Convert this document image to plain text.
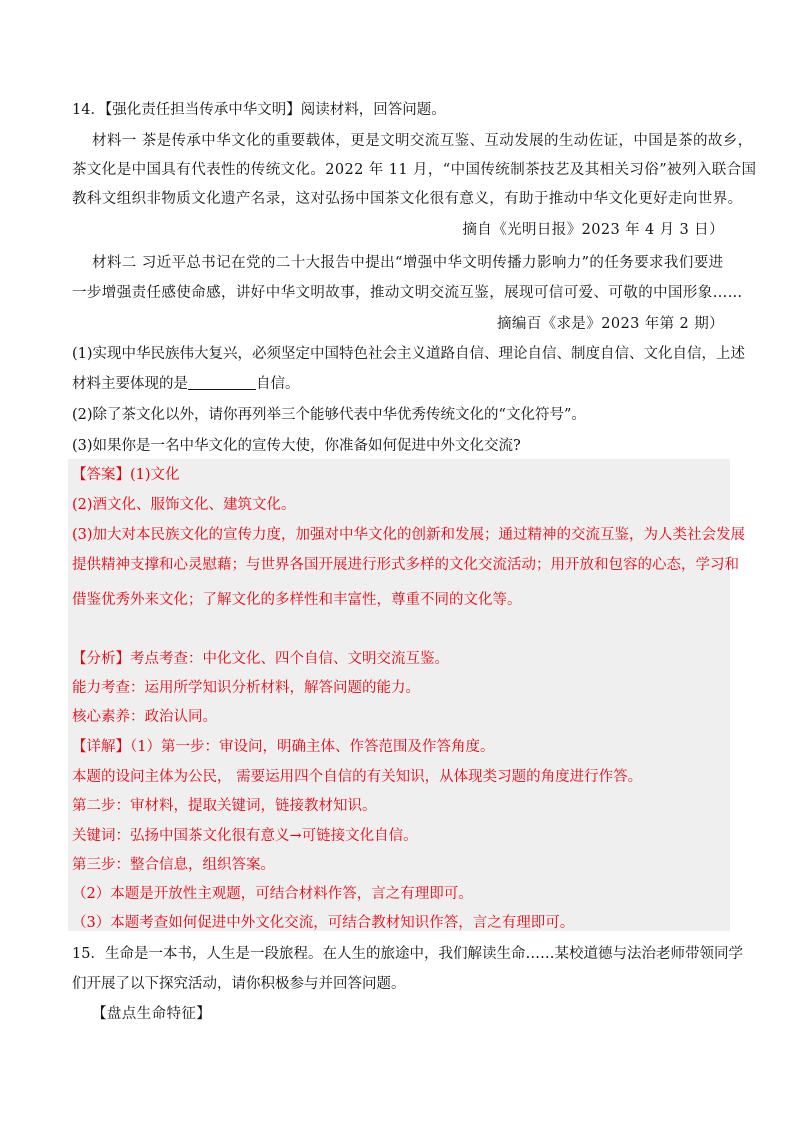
14．【强化责任担当传承中华文明】阅读材料，回答问题。
材料一 茶是传承中华文化的重要载体，更是文明交流互鉴、互动发展的生动佐证，中国是茶的故乡，
茶文化是中国具有代表性的传统文化。2022 年 11 月，“中国传统制茶技艺及其相关习俗”被列入联合国
教科文组织非物质文化遗产名录，这对弘扬中国茶文化很有意义，有助于推动中华文化更好走向世界。
摘自《光明日报》2023 年 4 月 3 日）
材料二 习近平总书记在党的二十大报告中提出“增强中华文明传播力影响力”的任务要求我们要进
一步增强责任感使命感，讲好中华文明故事，推动文明交流互鉴，展现可信可爱、可敬的中国形象……
摘编百《求是》2023 年第 2 期）
(1)实现中华民族伟大复兴，必须坚定中国特色社会主义道路自信、理论自信、制度自信、文化自信，上述
材料主要体现的是	自信。
(2)除了茶文化以外，请你再列举三个能够代表中华优秀传统文化的“文化符号”。
(3)如果你是一名中华文化的宣传大使，你准备如何促进中外文化交流?
【答案】(1)文化
(2)酒文化、服饰文化、建筑文化。
(3)加大对本民族文化的宣传力度，加强对中华文化的创新和发展；通过精神的交流互鉴，为人类社会发展
提供精神支撑和心灵慰藉；与世界各国开展进行形式多样的文化交流活动；用开放和包容的心态，学习和
借鉴优秀外来文化；了解文化的多样性和丰富性，尊重不同的文化等。
【分析】考点考查：中化文化、四个自信、文明交流互鉴。
能力考查：运用所学知识分析材料，解答问题的能力。
核心素养：政治认同。
【详解】（1）第一步：审设问，明确主体、作答范围及作答角度。
本题的设问主体为公民， 需要运用四个自信的有关知识，从体现类习题的角度进行作答。
第二步：审材料，提取关键词，链接教材知识。
关键词：弘扬中国茶文化很有意义→可链接文化自信。
第三步：整合信息，组织答案。
（2）本题是开放性主观题，可结合材料作答，言之有理即可。
（3）本题考查如何促进中外文化交流，可结合教材知识作答，言之有理即可。
15．生命是一本书，人生是一段旅程。在人生的旅途中，我们解读生命……某校道德与法治老师带领同学
们开展了以下探究活动，请你积极参与并回答问题。
【盘点生命特征】
